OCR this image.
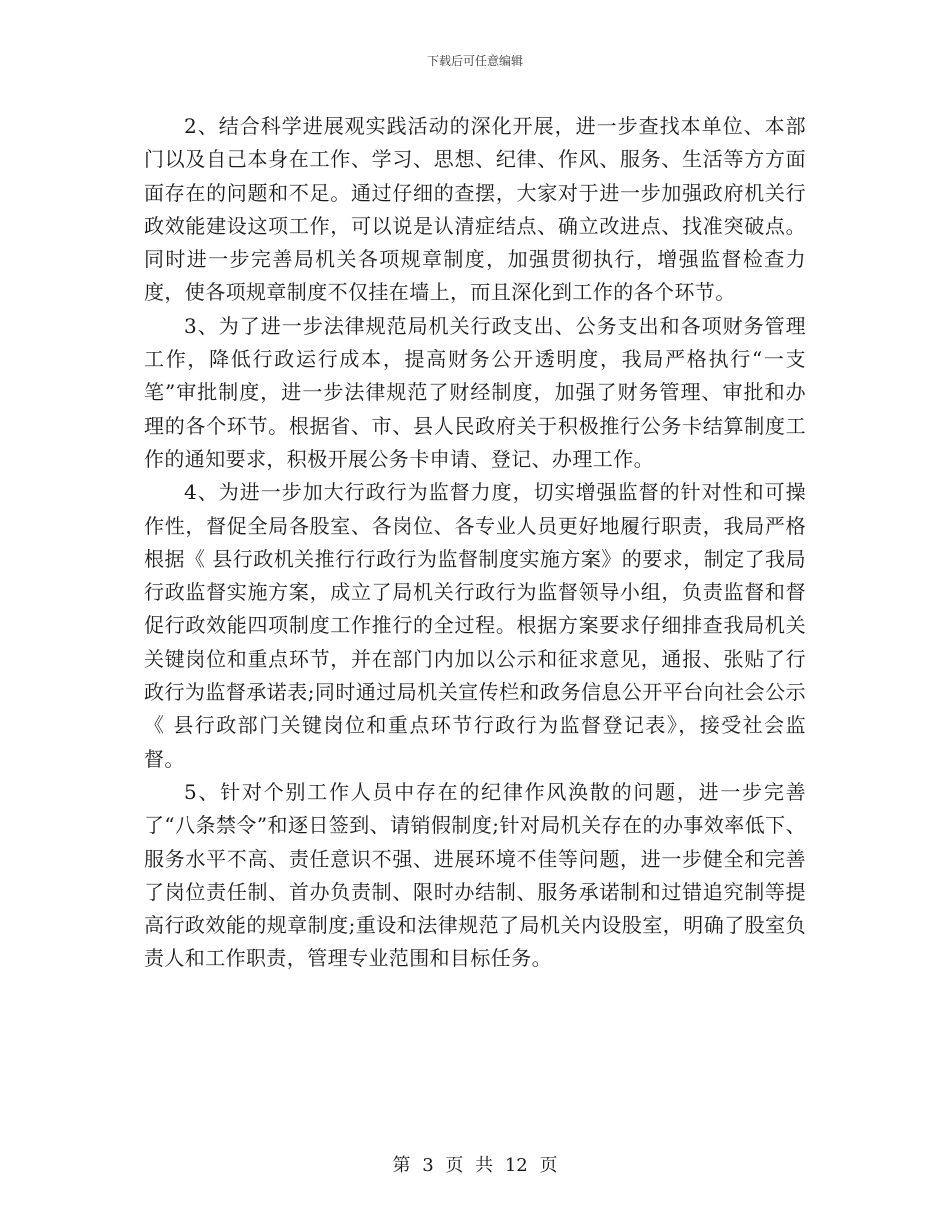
下载后可任意编辑

2、结合科学进展观实践活动的深化开展，进一步查找本单位、本部门以及自己本身在工作、学习、思想、纪律、作风、服务、生活等方方面面存在的问题和不足。通过仔细的查摆，大家对于进一步加强政府机关行政效能建设这项工作，可以说是认清症结点、确立改进点、找准突破点。同时进一步完善局机关各项规章制度，加强贯彻执行，增强监督检查力度，使各项规章制度不仅挂在墙上，而且深化到工作的各个环节。

3、为了进一步法律规范局机关行政支出、公务支出和各项财务管理工作，降低行政运行成本，提高财务公开透明度，我局严格执行“一支笔”审批制度，进一步法律规范了财经制度，加强了财务管理、审批和办理的各个环节。根据省、市、县人民政府关于积极推行公务卡结算制度工作的通知要求，积极开展公务卡申请、登记、办理工作。

4、为进一步加大行政行为监督力度，切实增强监督的针对性和可操作性，督促全局各股室、各岗位、各专业人员更好地履行职责，我局严格根据《 县行政机关推行行政行为监督制度实施方案》的要求，制定了我局行政监督实施方案，成立了局机关行政行为监督领导小组，负责监督和督促行政效能四项制度工作推行的全过程。根据方案要求仔细排查我局机关关键岗位和重点环节，并在部门内加以公示和征求意见，通报、张贴了行政行为监督承诺表;同时通过局机关宣传栏和政务信息公开平台向社会公示《 县行政部门关键岗位和重点环节行政行为监督登记表》，接受社会监督。

5、针对个别工作人员中存在的纪律作风涣散的问题，进一步完善了“八条禁令”和逐日签到、请销假制度;针对局机关存在的办事效率低下、服务水平不高、责任意识不强、进展环境不佳等问题，进一步健全和完善了岗位责任制、首办负责制、限时办结制、服务承诺制和过错追究制等提高行政效能的规章制度;重设和法律规范了局机关内设股室，明确了股室负责人和工作职责，管理专业范围和目标任务。

第 3 页 共 12 页
